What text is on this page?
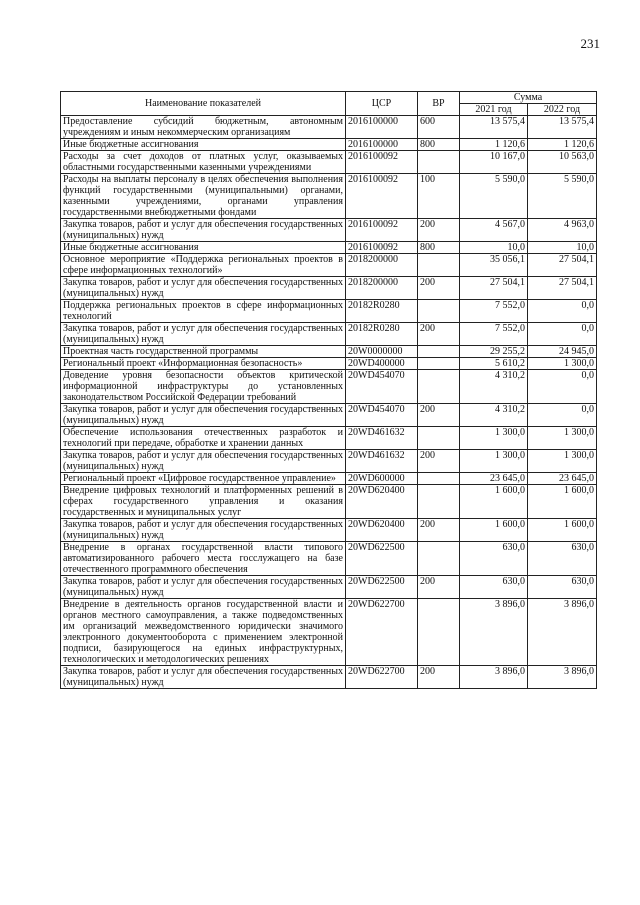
231
Наименование показателей	ЦСР	ВР	Сумма	
			2021 год	2022 год
Предоставление субсидий бюджетным, автономным учреждениям и иным некоммерческим организациям	2016100000	600	13 575,4	13 575,4
Иные бюджетные ассигнования	2016100000	800	1 120,6	1 120,6
Расходы за счет доходов от платных услуг, оказываемых областными государственными казенными учреждениями	2016100092		10 167,0	10 563,0
Расходы на выплаты персоналу в целях обеспечения выполнения функций государственными (муниципальными) органами, казенными учреждениями, органами управления государственными внебюджетными фондами	2016100092	100	5 590,0	5 590,0
Закупка товаров, работ и услуг для обеспечения государственных (муниципальных) нужд	2016100092	200	4 567,0	4 963,0
Иные бюджетные ассигнования	2016100092	800	10,0	10,0
Основное мероприятие «Поддержка региональных проектов в сфере информационных технологий»	2018200000		35 056,1	27 504,1
Закупка товаров, работ и услуг для обеспечения государственных (муниципальных) нужд	2018200000	200	27 504,1	27 504,1
Поддержка региональных проектов в сфере информационных технологий	20182R0280		7 552,0	0,0
Закупка товаров, работ и услуг для обеспечения государственных (муниципальных) нужд	20182R0280	200	7 552,0	0,0
Проектная часть государственной программы	20W0000000		29 255,2	24 945,0
Региональный проект «Информационная безопасность»	20WD400000		5 610,2	1 300,0
Доведение уровня безопасности объектов критической информационной инфраструктуры до установленных законодательством Российской Федерации требований	20WD454070		4 310,2	0,0
Закупка товаров, работ и услуг для обеспечения государственных (муниципальных) нужд	20WD454070	200	4 310,2	0,0
Обеспечение использования отечественных разработок и технологий при передаче, обработке и хранении данных	20WD461632		1 300,0	1 300,0
Закупка товаров, работ и услуг для обеспечения государственных (муниципальных) нужд	20WD461632	200	1 300,0	1 300,0
Региональный проект «Цифровое государственное управление»	20WD600000		23 645,0	23 645,0
Внедрение цифровых технологий и платформенных решений в сферах государственного управления и оказания государственных и муниципальных услуг	20WD620400		1 600,0	1 600,0
Закупка товаров, работ и услуг для обеспечения государственных (муниципальных) нужд	20WD620400	200	1 600,0	1 600,0
Внедрение в органах государственной власти типового автоматизированного рабочего места госслужащего на базе отечественного программного обеспечения	20WD622500		630,0	630,0
Закупка товаров, работ и услуг для обеспечения государственных (муниципальных) нужд	20WD622500	200	630,0	630,0
Внедрение в деятельность органов государственной власти и органов местного самоуправления, а также подведомственных им организаций межведомственного юридически значимого электронного документооборота с применением электронной подписи, базирующегося на единых инфраструктурных, технологических и методологических решениях	20WD622700		3 896,0	3 896,0
Закупка товаров, работ и услуг для обеспечения государственных (муниципальных) нужд	20WD622700	200	3 896,0	3 896,0
